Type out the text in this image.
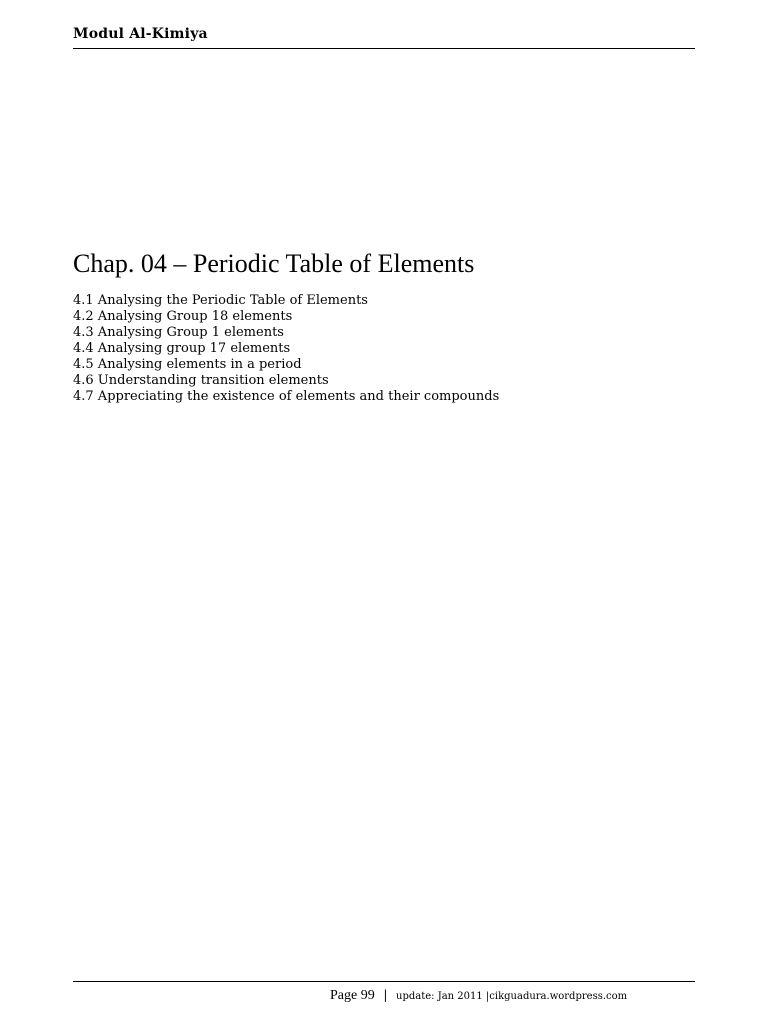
Modul Al-Kimiya
Chap. 04 – Periodic Table of Elements
4.1 Analysing the Periodic Table of Elements
4.2 Analysing Group 18 elements
4.3 Analysing Group 1 elements
4.4 Analysing group 17 elements
4.5 Analysing elements in a period
4.6 Understanding transition elements
4.7 Appreciating the existence of elements and their compounds
Page 99 | update: Jan 2011 |cikguadura.wordpress.com
